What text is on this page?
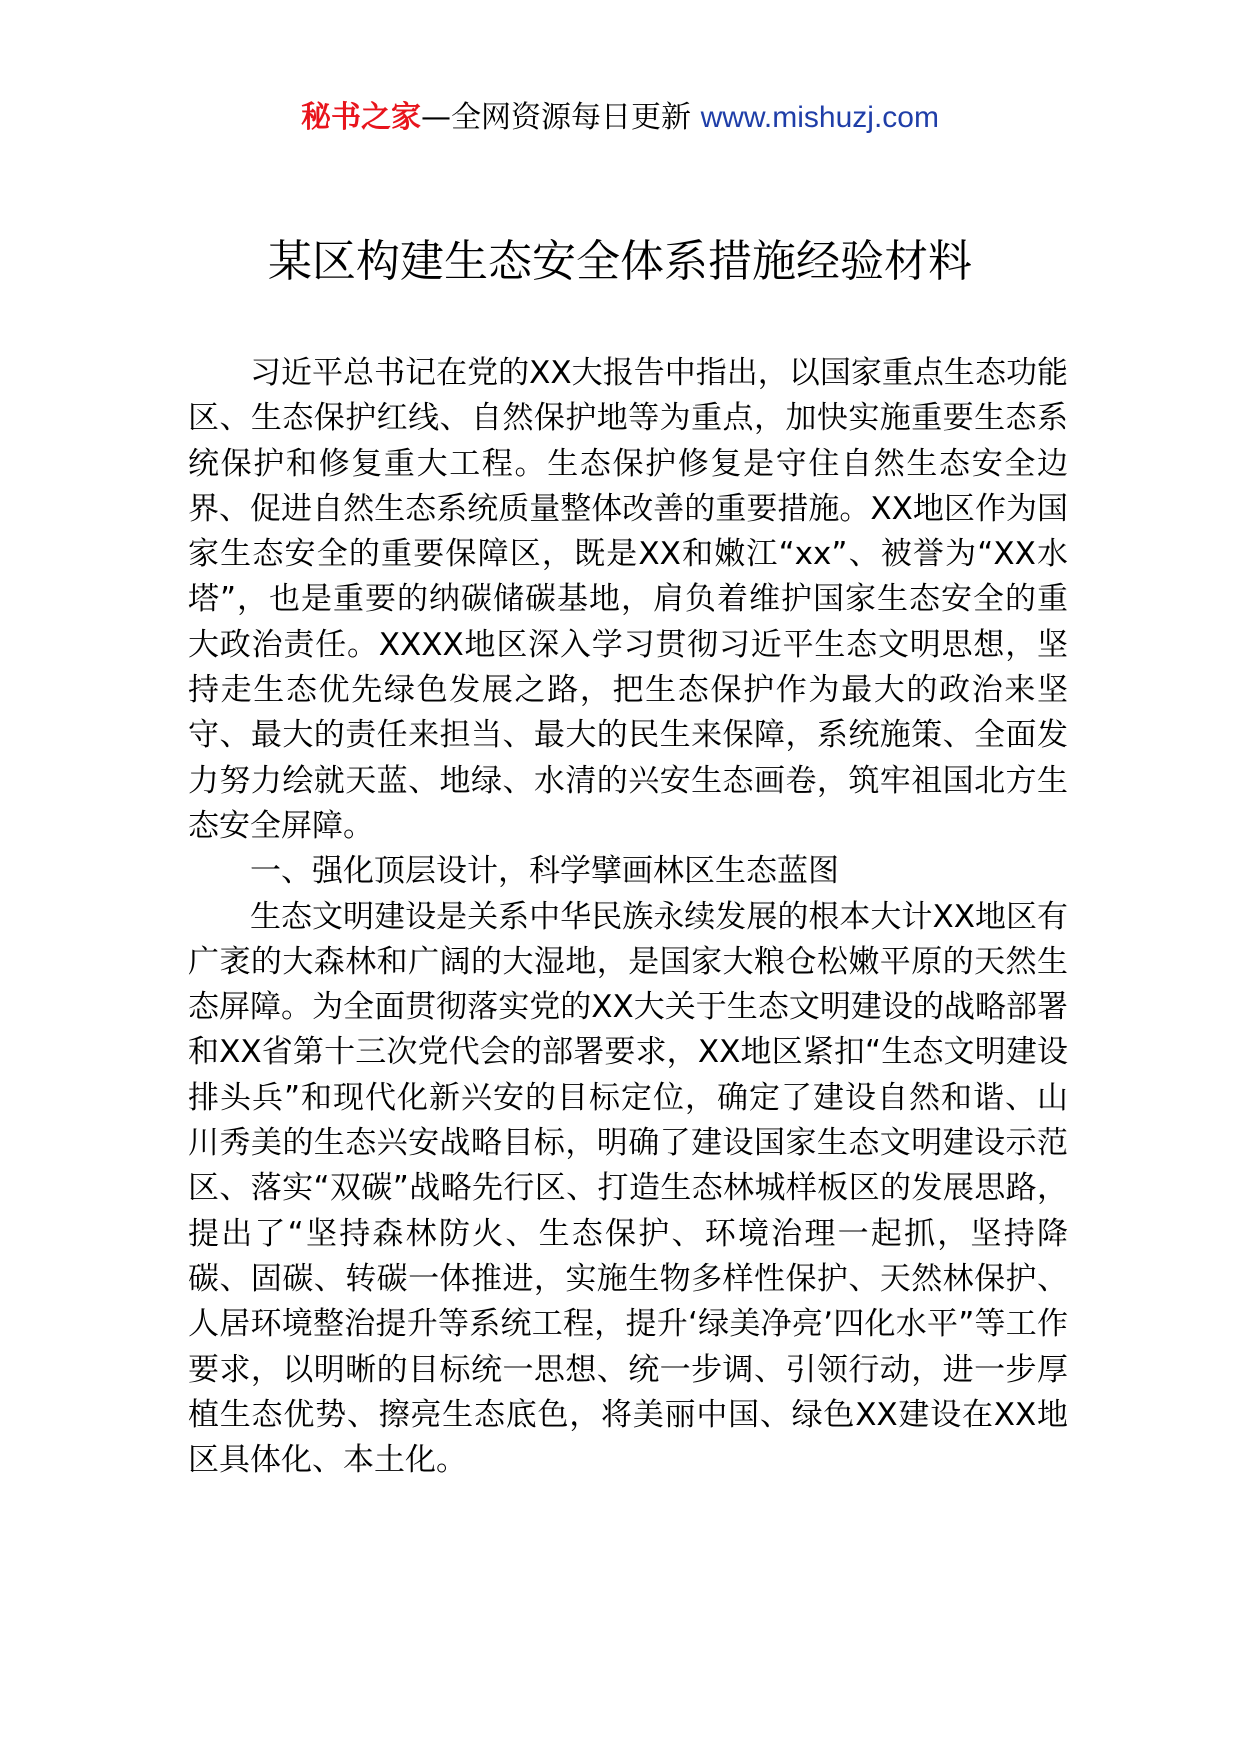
秘书之家—全网资源每日更新 www.mishuzj.com
某区构建生态安全体系措施经验材料

习近平总书记在党的XX大报告中指出，以国家重点生态功能区、生态保护红线、自然保护地等为重点，加快实施重要生态系统保护和修复重大工程。生态保护修复是守住自然生态安全边界、促进自然生态系统质量整体改善的重要措施。XX地区作为国家生态安全的重要保障区，既是XX和嫩江“xx”、被誉为“XX水塔”，也是重要的纳碳储碳基地，肩负着维护国家生态安全的重大政治责任。XXXX地区深入学习贯彻习近平生态文明思想，坚持走生态优先绿色发展之路，把生态保护作为最大的政治来坚守、最大的责任来担当、最大的民生来保障，系统施策、全面发力努力绘就天蓝、地绿、水清的兴安生态画卷，筑牢祖国北方生态安全屏障。

一、强化顶层设计，科学擘画林区生态蓝图

生态文明建设是关系中华民族永续发展的根本大计XX地区有广袤的大森林和广阔的大湿地，是国家大粮仓松嫩平原的天然生态屏障。为全面贯彻落实党的XX大关于生态文明建设的战略部署和XX省第十三次党代会的部署要求，XX地区紧扣“生态文明建设排头兵”和现代化新兴安的目标定位，确定了建设自然和谐、山川秀美的生态兴安战略目标，明确了建设国家生态文明建设示范区、落实“双碳”战略先行区、打造生态林城样板区的发展思路，提出了“坚持森林防火、生态保护、环境治理一起抓，坚持降碳、固碳、转碳一体推进，实施生物多样性保护、天然林保护、人居环境整治提升等系统工程，提升‘绿美净亮’四化水平”等工作要求，以明晰的目标统一思想、统一步调、引领行动，进一步厚植生态优势、擦亮生态底色，将美丽中国、绿色XX建设在XX地区具体化、本土化。
